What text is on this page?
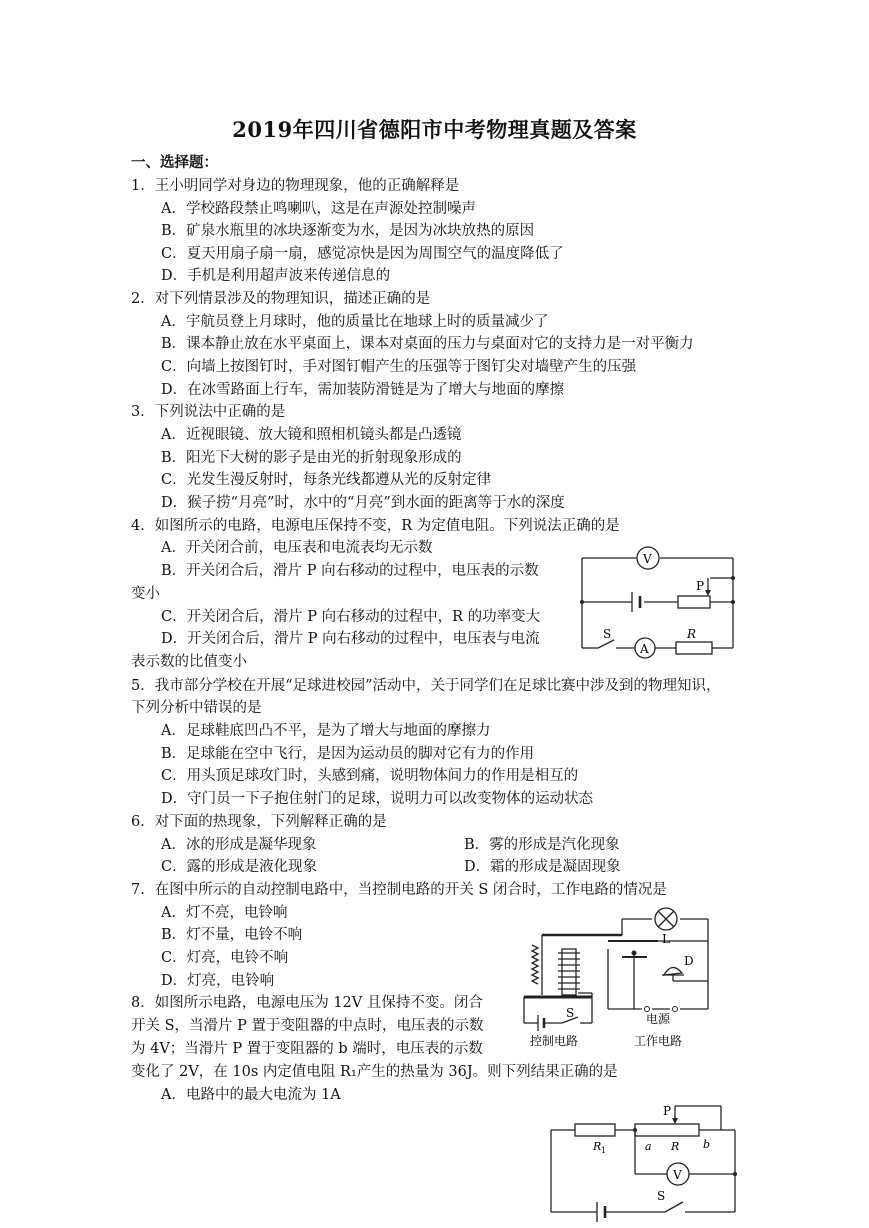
2019年四川省德阳市中考物理真题及答案
一、选择题：
1．王小明同学对身边的物理现象，他的正确解释是
A．学校路段禁止鸣喇叭，这是在声源处控制噪声
B．矿泉水瓶里的冰块逐渐变为水，是因为冰块放热的原因
C．夏天用扇子扇一扇，感觉凉快是因为周围空气的温度降低了
D．手机是利用超声波来传递信息的
2．对下列情景涉及的物理知识，描述正确的是
A．宇航员登上月球时，他的质量比在地球上时的质量减少了
B．课本静止放在水平桌面上，课本对桌面的压力与桌面对它的支持力是一对平衡力
C．向墙上按图钉时，手对图钉帽产生的压强等于图钉尖对墙壁产生的压强
D．在冰雪路面上行车，需加装防滑链是为了增大与地面的摩擦
3．下列说法中正确的是
A．近视眼镜、放大镜和照相机镜头都是凸透镜
B．阳光下大树的影子是由光的折射现象形成的
C．光发生漫反射时，每条光线都遵从光的反射定律
D．猴子捞“月亮”时，水中的“月亮”到水面的距离等于水的深度
4．如图所示的电路，电源电压保持不变，R 为定值电阻。下列说法正确的是
A．开关闭合前，电压表和电流表均无示数
B．开关闭合后，滑片 P 向右移动的过程中，电压表的示数
变小
C．开关闭合后，滑片 P 向右移动的过程中，R 的功率变大
D．开关闭合后，滑片 P 向右移动的过程中，电压表与电流
表示数的比值变小
V
P
S
A
R
5．我市部分学校在开展“足球进校园”活动中，关于同学们在足球比赛中涉及到的物理知识，
下列分析中错误的是
A．足球鞋底凹凸不平，是为了增大与地面的摩擦力
B．足球能在空中飞行，是因为运动员的脚对它有力的作用
C．用头顶足球攻门时，头感到痛，说明物体间力的作用是相互的
D．守门员一下子抱住射门的足球，说明力可以改变物体的运动状态
6．对下面的热现象，下列解释正确的是
A．冰的形成是凝华现象	B．雾的形成是汽化现象
C．露的形成是液化现象	D．霜的形成是凝固现象
7．在图中所示的自动控制电路中，当控制电路的开关 S 闭合时，工作电路的情况是
A．灯不亮，电铃响
B．灯不量，电铃不响
C．灯亮，电铃不响
D．灯亮，电铃响
L
D
S	电源
控制电路	工作电路
8．如图所示电路，电源电压为 12V 且保持不变。闭合
开关 S，当滑片 P 置于变阻器的中点时，电压表的示数
为 4V；当滑片 P 置于变阻器的 b 端时，电压表的示数
变化了 2V，在 10s 内定值电阻 R₁产生的热量为 36J。则下列结果正确的是
A．电路中的最大电流为 1A
P
R 1	a R b
V
S
